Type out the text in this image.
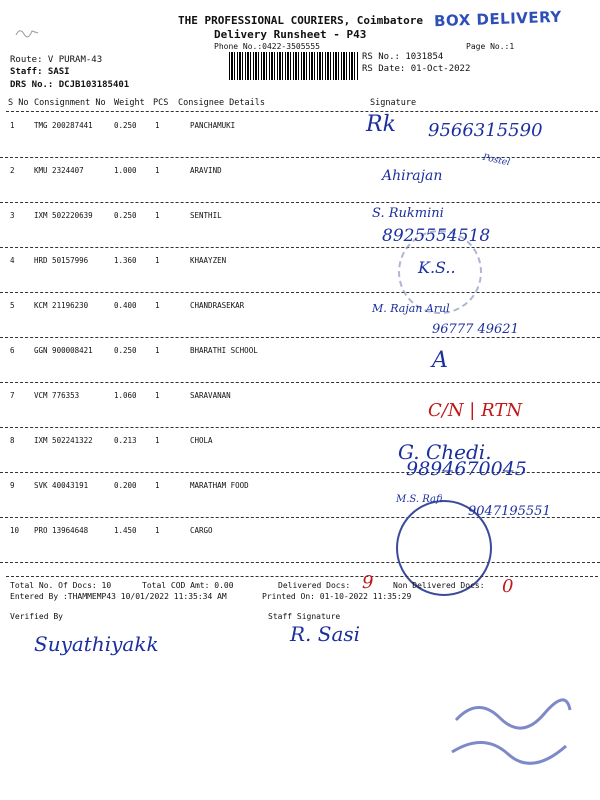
THE PROFESSIONAL COURIERS, Coimbatore
Delivery Runsheet - P43
Phone No.:0422-3505555
BOX DELIVERY
Page No.:1
Route: V PURAM-43
Staff: SASI
DRS No.: DCJB103185401
RS No.: 1031854
RS Date: 01-Oct-2022
S No Consignment No Weight PCS Consignee Details	Signature
1	TMG 200287441	0.250 1	PANCHAMUKI
2	KMU 2324407	1.000 1	ARAVIND
3	IXM 502220639	0.250 1	SENTHIL
4	HRD 50157996	1.360 1	KHAAYZEN
5	KCM 21196230	0.400 1	CHANDRASEKAR
6	GGN 900008421	0.250 1	BHARATHI SCHOOL
7	VCM 776353	1.060 1	SARAVANAN
8	IXM 502241322	0.213 1	CHOLA
9	SVK 40043191	0.200 1	MARATHAM FOOD
10 PRO 13964648	1.450 1	CARGO
Rk 9566315590
Ahirajan
Postel
S. Rukmini
8925554518
K.S..
M. Rajan Arul
96777 49621
A
C/N | RTN
G. Chedi.
9894670045
M.S. Rafi
9047195551
Total No. Of Docs: 10	Total COD Amt: 0.00	Delivered Docs: 9 Non Delivered Docs: 0
Entered By :THAMMEMP43 10/01/2022 11:35:34 AM	Printed On: 01-10-2022 11:35:29
Verified By	Staff Signature
Suyathiyakk	R. Sasi
